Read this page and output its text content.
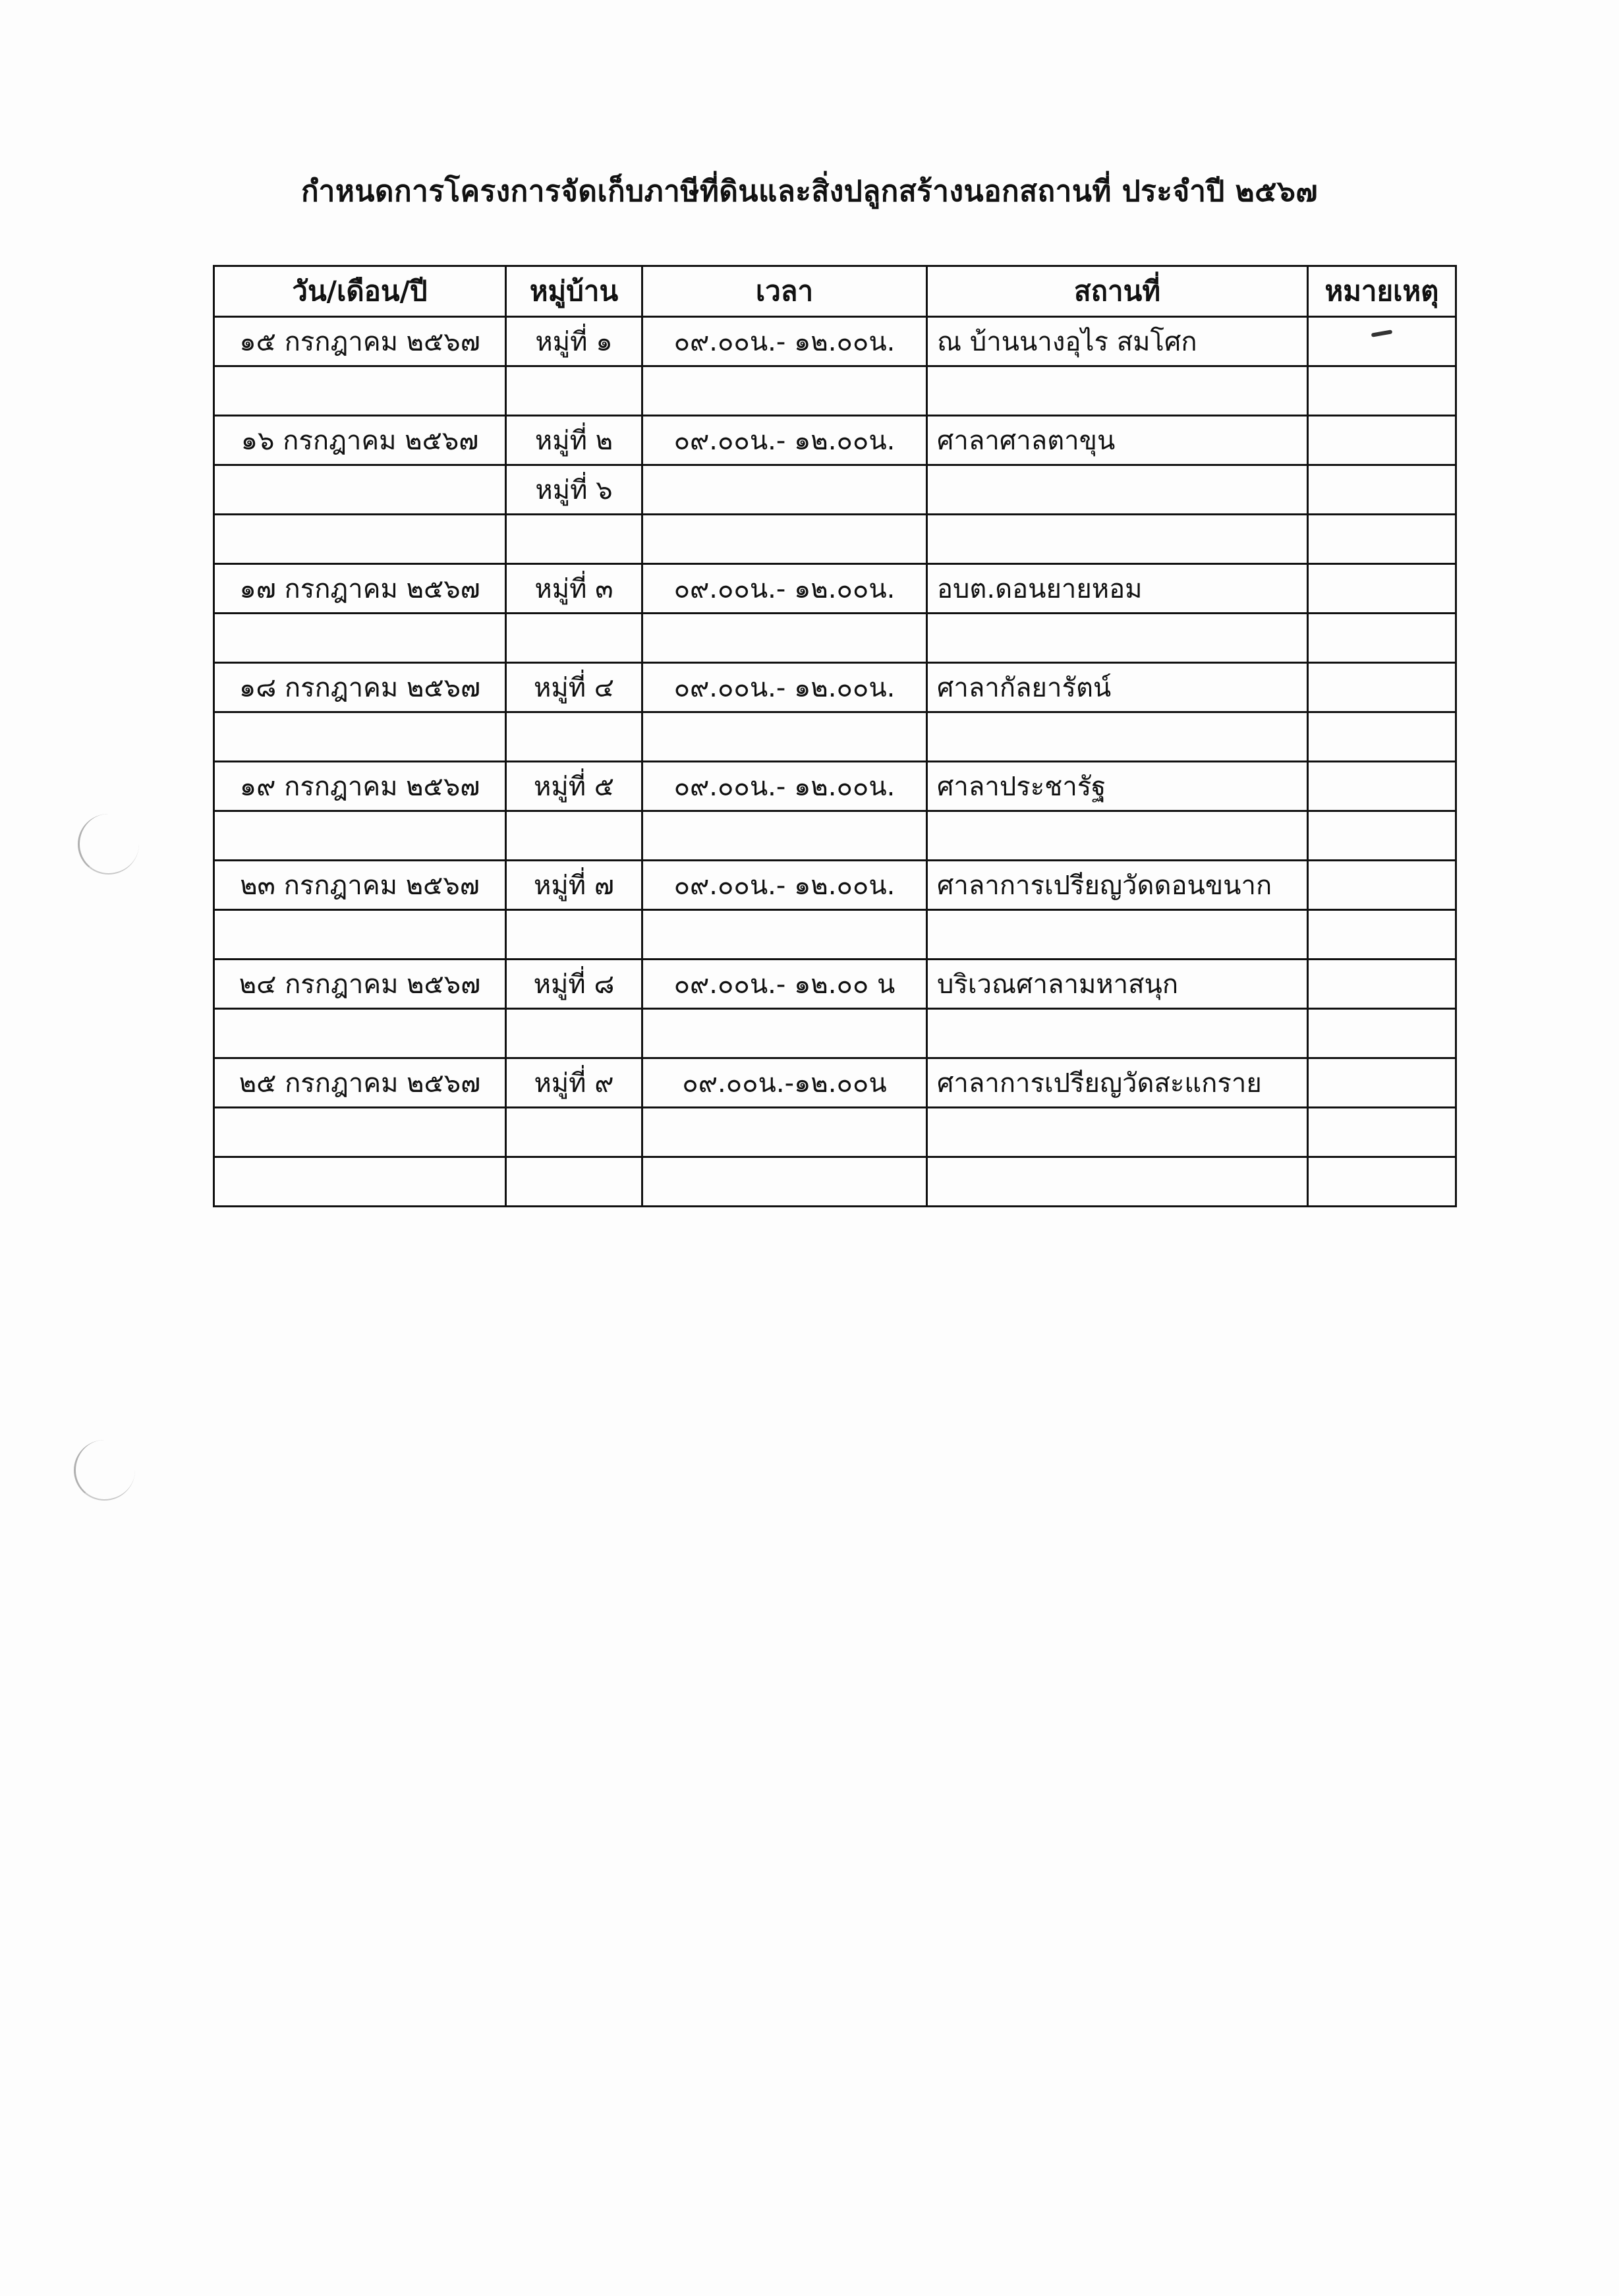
กำหนดการโครงการจัดเก็บภาษีที่ดินและสิ่งปลูกสร้างนอกสถานที่ ประจำปี ๒๕๖๗
วัน/เดือน/ปี	หมู่บ้าน	เวลา	สถานที่	หมายเหตุ
๑๕ กรกฎาคม ๒๕๖๗	หมู่ที่ ๑	๐๙.๐๐น.- ๑๒.๐๐น.	ณ บ้านนางอุไร สมโศก	

๑๖ กรกฎาคม ๒๕๖๗	หมู่ที่ ๒	๐๙.๐๐น.- ๑๒.๐๐น.	ศาลาศาลตาขุน	
	หมู่ที่ ๖			

๑๗ กรกฎาคม ๒๕๖๗	หมู่ที่ ๓	๐๙.๐๐น.- ๑๒.๐๐น.	อบต.ดอนยายหอม	

๑๘ กรกฎาคม ๒๕๖๗	หมู่ที่ ๔	๐๙.๐๐น.- ๑๒.๐๐น.	ศาลากัลยารัตน์	

๑๙ กรกฎาคม ๒๕๖๗	หมู่ที่ ๕	๐๙.๐๐น.- ๑๒.๐๐น.	ศาลาประชารัฐ	

๒๓ กรกฎาคม ๒๕๖๗	หมู่ที่ ๗	๐๙.๐๐น.- ๑๒.๐๐น.	ศาลาการเปรียญวัดดอนขนาก	

๒๔ กรกฎาคม ๒๕๖๗	หมู่ที่ ๘	๐๙.๐๐น.- ๑๒.๐๐ น	บริเวณศาลามหาสนุก	

๒๕ กรกฎาคม ๒๕๖๗	หมู่ที่ ๙	๐๙.๐๐น.-๑๒.๐๐น	ศาลาการเปรียญวัดสะแกราย	
